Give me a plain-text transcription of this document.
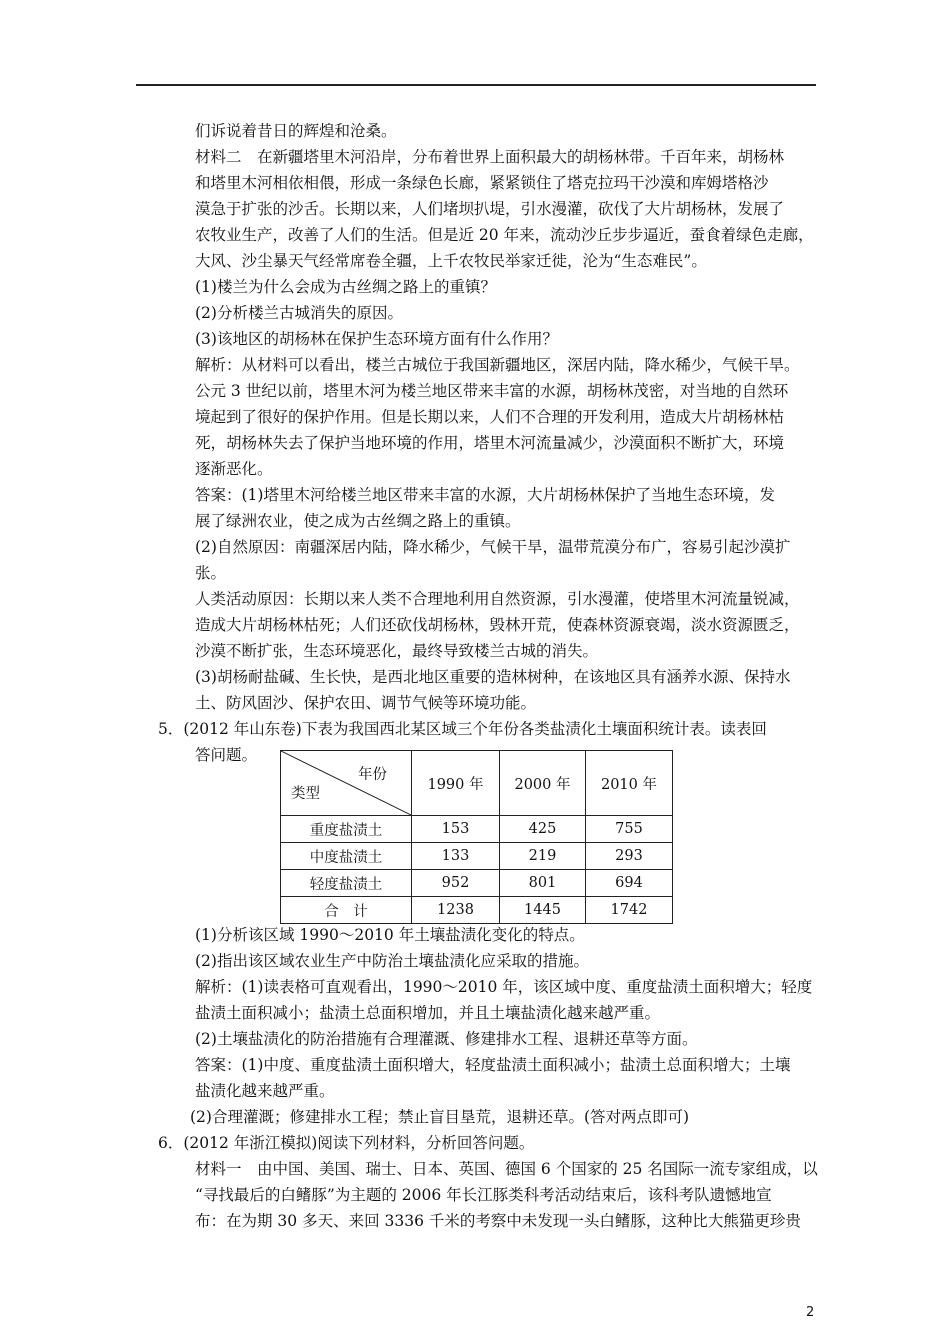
们诉说着昔日的辉煌和沧桑。
材料二　在新疆塔里木河沿岸，分布着世界上面积最大的胡杨林带。千百年来，胡杨林
和塔里木河相依相偎，形成一条绿色长廊，紧紧锁住了塔克拉玛干沙漠和库姆塔格沙
漠急于扩张的沙舌。长期以来，人们堵坝扒堤，引水漫灌，砍伐了大片胡杨林，发展了
农牧业生产，改善了人们的生活。但是近 20 年来，流动沙丘步步逼近，蚕食着绿色走廊，
大风、沙尘暴天气经常席卷全疆，上千农牧民举家迁徙，沦为“生态难民”。
(1)楼兰为什么会成为古丝绸之路上的重镇？
(2)分析楼兰古城消失的原因。
(3)该地区的胡杨林在保护生态环境方面有什么作用？
解析：从材料可以看出，楼兰古城位于我国新疆地区，深居内陆，降水稀少，气候干旱。
公元 3 世纪以前，塔里木河为楼兰地区带来丰富的水源，胡杨林茂密，对当地的自然环
境起到了很好的保护作用。但是长期以来，人们不合理的开发利用，造成大片胡杨林枯
死，胡杨林失去了保护当地环境的作用，塔里木河流量减少，沙漠面积不断扩大，环境
逐渐恶化。
答案：(1)塔里木河给楼兰地区带来丰富的水源，大片胡杨林保护了当地生态环境，发
展了绿洲农业，使之成为古丝绸之路上的重镇。
(2)自然原因：南疆深居内陆，降水稀少，气候干旱，温带荒漠分布广，容易引起沙漠扩
张。
人类活动原因：长期以来人类不合理地利用自然资源，引水漫灌，使塔里木河流量锐减，
造成大片胡杨林枯死；人们还砍伐胡杨林，毁林开荒，使森林资源衰竭，淡水资源匮乏，
沙漠不断扩张，生态环境恶化，最终导致楼兰古城的消失。
(3)胡杨耐盐碱、生长快，是西北地区重要的造林树种，在该地区具有涵养水源、保持水
土、防风固沙、保护农田、调节气候等环境功能。
5．(2012 年山东卷)下表为我国西北某区域三个年份各类盐渍化土壤面积统计表。读表回
答问题。
年份
类型	1990 年	2000 年	2010 年
重度盐渍土	153	425	755
中度盐渍土	133	219	293
轻度盐渍土	952	801	694
合　计	1238	1445	1742
(1)分析该区域 1990～2010 年土壤盐渍化变化的特点。
(2)指出该区域农业生产中防治土壤盐渍化应采取的措施。
解析：(1)读表格可直观看出，1990～2010 年，该区域中度、重度盐渍土面积增大；轻度
盐渍土面积减小；盐渍土总面积增加，并且土壤盐渍化越来越严重。
(2)土壤盐渍化的防治措施有合理灌溉、修建排水工程、退耕还草等方面。
答案：(1)中度、重度盐渍土面积增大，轻度盐渍土面积减小；盐渍土总面积增大；土壤
盐渍化越来越严重。
(2)合理灌溉；修建排水工程；禁止盲目垦荒，退耕还草。(答对两点即可)
6．(2012 年浙江模拟)阅读下列材料，分析回答问题。
材料一　由中国、美国、瑞士、日本、英国、德国 6 个国家的 25 名国际一流专家组成，以
“寻找最后的白鳍豚”为主题的 2006 年长江豚类科考活动结束后，该科考队遗憾地宣
布：在为期 30 多天、来回 3336 千米的考察中未发现一头白鳍豚，这种比大熊猫更珍贵
2
